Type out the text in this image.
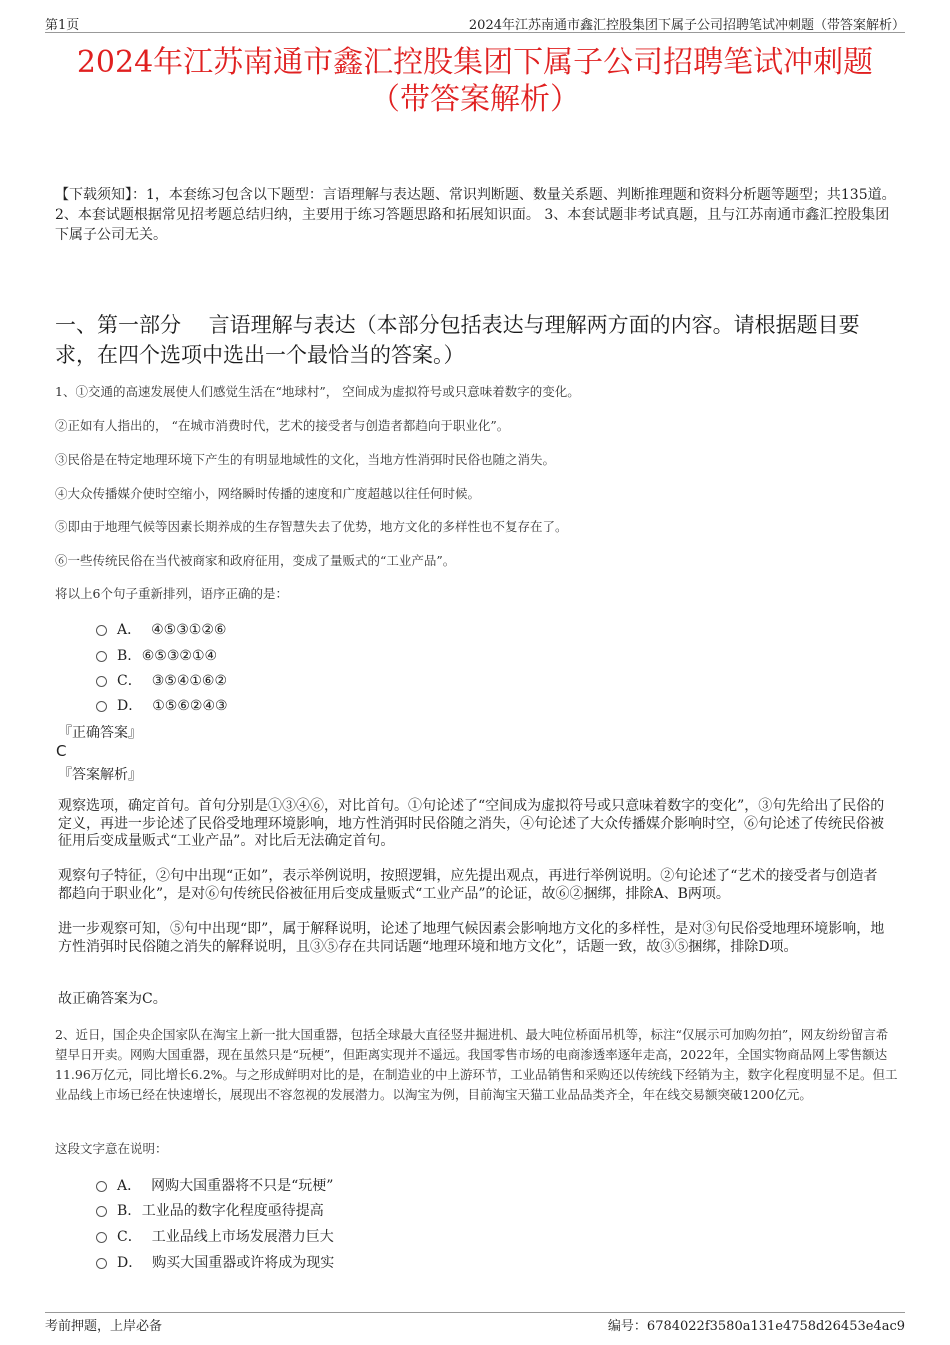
第1页	2024年江苏南通市鑫汇控股集团下属子公司招聘笔试冲刺题（带答案解析）
2024年江苏南通市鑫汇控股集团下属子公司招聘笔试冲刺题
（带答案解析）
【下载须知】：1，本套练习包含以下题型：言语理解与表达题、常识判断题、数量关系题、判断推理题和资料分析题等题型；共135道。 2、本套试题根据常见招考题总结归纳，主要用于练习答题思路和拓展知识面。 3、本套试题非考试真题，且与江苏南通市鑫汇控股集团下属子公司无关。
一、第一部分　 言语理解与表达（本部分包括表达与理解两方面的内容。请根据题目要求，在四个选项中选出一个最恰当的答案。）
1、①交通的高速发展使人们感觉生活在“地球村”， 空间成为虚拟符号或只意味着数字的变化。
②正如有人指出的， “在城市消费时代，艺术的接受者与创造者都趋向于职业化”。
③民俗是在特定地理环境下产生的有明显地域性的文化，当地方性消弭时民俗也随之消失。
④大众传播媒介使时空缩小，网络瞬时传播的速度和广度超越以往任何时候。
⑤即由于地理气候等因素长期养成的生存智慧失去了优势，地方文化的多样性也不复存在了。
⑥一些传统民俗在当代被商家和政府征用，变成了量贩式的“工业产品”。
将以上6个句子重新排列，语序正确的是：
A． ④⑤③①②⑥
B. ⑥⑤③②①④
C． ③⑤④①⑥②
D． ①⑤⑥②④③
『正确答案』
C
『答案解析』
观察选项，确定首句。首句分别是①③④⑥，对比首句。①句论述了“空间成为虚拟符号或只意味着数字的变化”，③句先给出了民俗的定义，再进一步论述了民俗受地理环境影响，地方性消弭时民俗随之消失，④句论述了大众传播媒介影响时空，⑥句论述了传统民俗被征用后变成量贩式“工业产品”。对比后无法确定首句。
观察句子特征，②句中出现“正如”，表示举例说明，按照逻辑，应先提出观点，再进行举例说明。②句论述了“艺术的接受者与创造者都趋向于职业化”，是对⑥句传统民俗被征用后变成量贩式“工业产品”的论证，故⑥②捆绑，排除A、B两项。
进一步观察可知，⑤句中出现“即”，属于解释说明，论述了地理气候因素会影响地方文化的多样性，是对③句民俗受地理环境影响，地方性消弭时民俗随之消失的解释说明，且③⑤存在共同话题“地理环境和地方文化”，话题一致，故③⑤捆绑，排除D项。
故正确答案为C。
2、近日，国企央企国家队在淘宝上新一批大国重器，包括全球最大直径竖井掘进机、最大吨位桥面吊机等，标注“仅展示可加购勿拍”，网友纷纷留言希望早日开卖。网购大国重器，现在虽然只是“玩梗”，但距离实现并不遥远。我国零售市场的电商渗透率逐年走高，2022年，全国实物商品网上零售额达11.96万亿元，同比增长6.2%。与之形成鲜明对比的是，在制造业的中上游环节，工业品销售和采购还以传统线下经销为主，数字化程度明显不足。但工业品线上市场已经在快速增长，展现出不容忽视的发展潜力。以淘宝为例，目前淘宝天猫工业品品类齐全，年在线交易额突破1200亿元。
这段文字意在说明：
A． 网购大国重器将不只是“玩梗”
B. 工业品的数字化程度亟待提高
C． 工业品线上市场发展潜力巨大
D． 购买大国重器或许将成为现实
考前押题，上岸必备	编号：6784022f3580a131e4758d26453e4ac9
